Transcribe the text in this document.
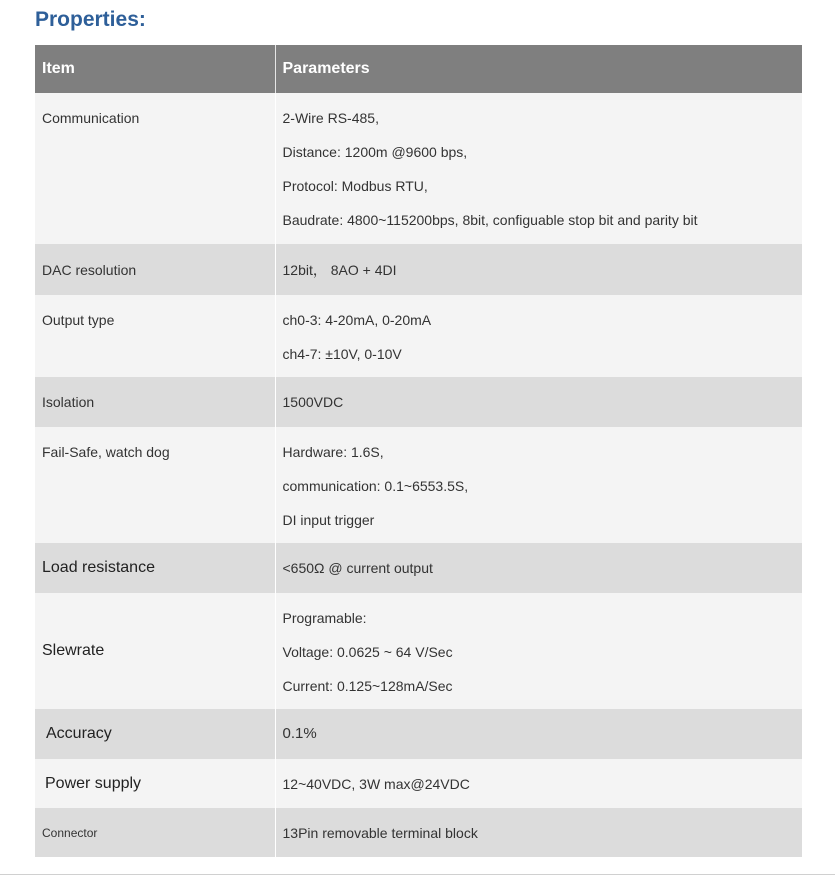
Properties:
Item	Parameters

Communication	2-Wire RS-485,
Distance: 1200m @9600 bps,
Protocol: Modbus RTU,
Baudrate: 4800~115200bps, 8bit, configuable stop bit and parity bit

DAC resolution	12bit， 8AO + 4DI

Output type	ch0-3: 4-20mA, 0-20mA
ch4-7: ±10V, 0-10V

Isolation	1500VDC

Fail-Safe, watch dog	Hardware: 1.6S,
communication: 0.1~6553.5S,
DI input trigger

Load resistance	<650Ω @ current output

Slewrate	Programable:
Voltage: 0.0625 ~ 64 V/Sec
Current: 0.125~128mA/Sec

Accuracy	0.1%

Power supply	12~40VDC, 3W max@24VDC

Connector	13Pin removable terminal block
